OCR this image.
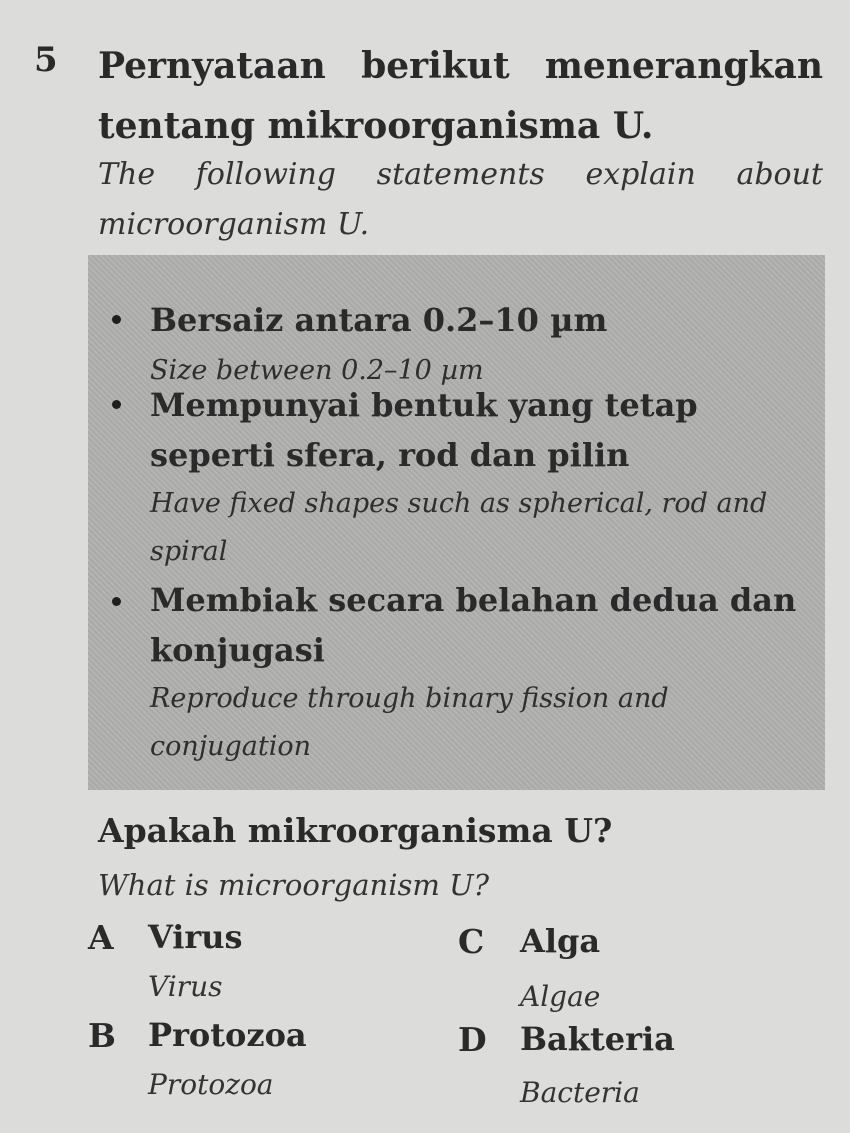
5 Pernyataan berikut menerangkan tentang mikroorganisma U.
The following statements explain about microorganism U.
Bersaiz antara 0.2–10 µm
Size between 0.2–10 µm
Mempunyai bentuk yang tetap seperti sfera, rod dan pilin
Have fixed shapes such as spherical, rod and spiral
Membiak secara belahan dedua dan konjugasi
Reproduce through binary fission and conjugation
Apakah mikroorganisma U?
What is microorganism U?
A Virus
Virus
B Protozoa
Protozoa
C Alga
Algae
D Bakteria
Bacteria
